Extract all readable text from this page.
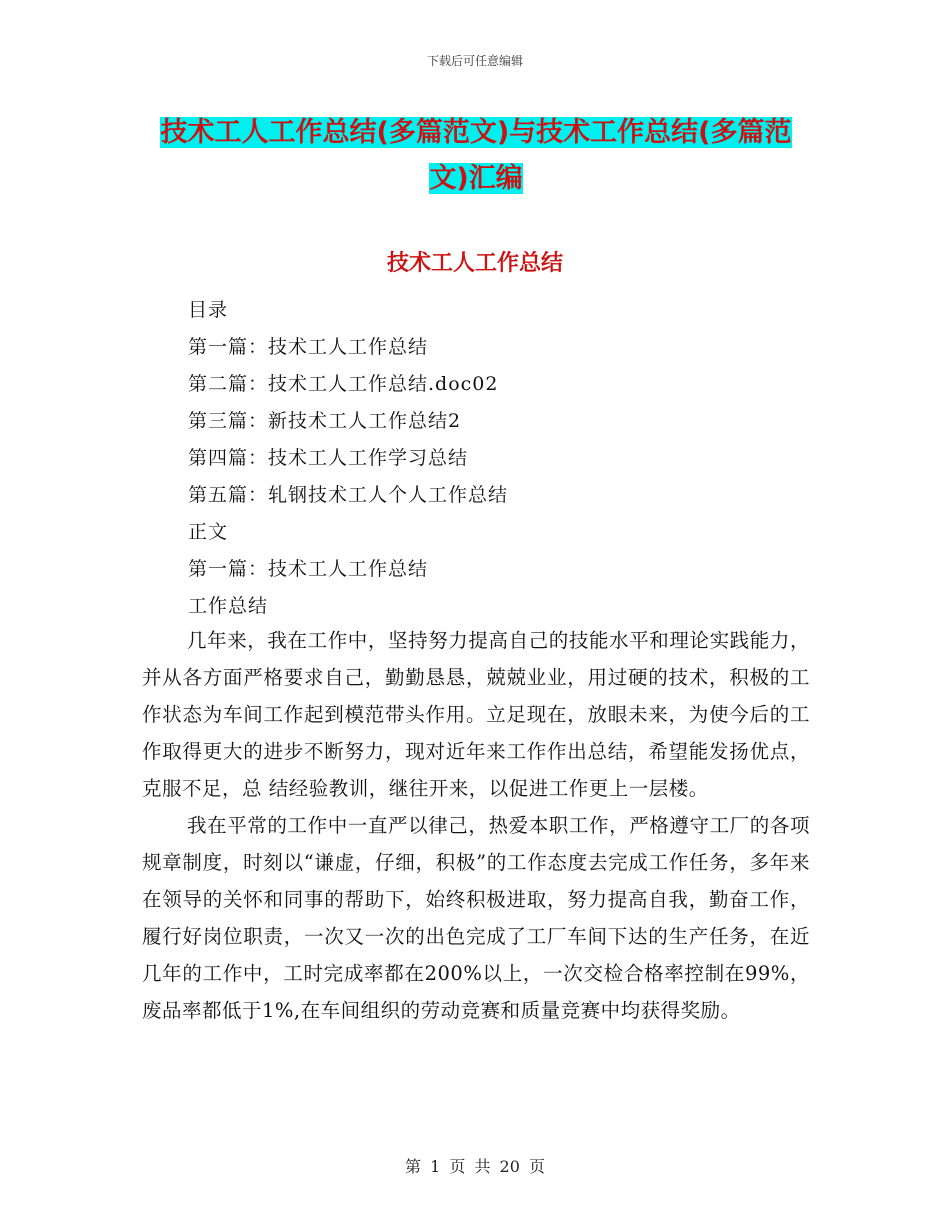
下载后可任意编辑
技术工人工作总结(多篇范文)与技术工作总结(多篇范
文)汇编
技术工人工作总结
目录
第一篇：技术工人工作总结
第二篇：技术工人工作总结.doc02
第三篇：新技术工人工作总结2
第四篇：技术工人工作学习总结
第五篇：轧钢技术工人个人工作总结
正文
第一篇：技术工人工作总结
工作总结

几年来，我在工作中，坚持努力提高自己的技能水平和理论实践能力，并从各方面严格要求自己，勤勤恳恳，兢兢业业，用过硬的技术，积极的工作状态为车间工作起到模范带头作用。立足现在，放眼未来，为使今后的工作取得更大的进步不断努力，现对近年来工作作出总结，希望能发扬优点，克服不足，总 结经验教训，继往开来，以促进工作更上一层楼。

我在平常的工作中一直严以律己，热爱本职工作，严格遵守工厂的各项规章制度，时刻以“谦虚，仔细，积极”的工作态度去完成工作任务，多年来在领导的关怀和同事的帮助下，始终积极进取，努力提高自我，勤奋工作，履行好岗位职责，一次又一次的出色完成了工厂车间下达的生产任务，在近几年的工作中，工时完成率都在200%以上，一次交检合格率控制在99%，废品率都低于1%,在车间组织的劳动竞赛和质量竞赛中均获得奖励。

第 1 页 共 20 页
